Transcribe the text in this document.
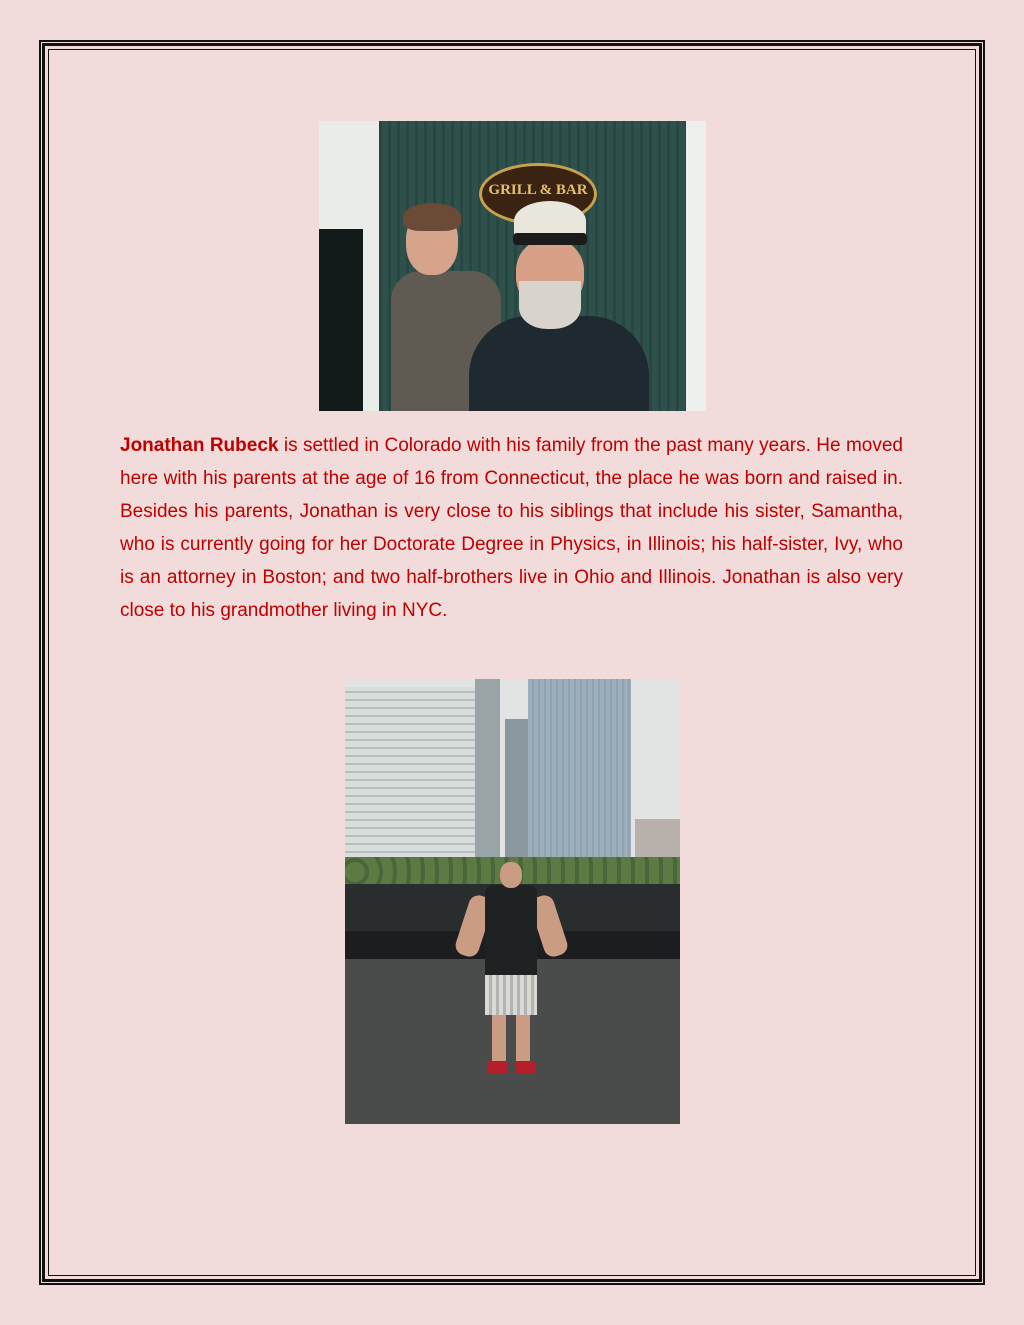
GRILL & BAR

Jonathan Rubeck is settled in Colorado with his family from the past many years. He moved here with his parents at the age of 16 from Connecticut, the place he was born and raised in. Besides his parents, Jonathan is very close to his siblings that include his sister, Samantha, who is currently going for her Doctorate Degree in Physics, in Illinois; his half-sister, Ivy, who is an attorney in Boston; and two half-brothers live in Ohio and Illinois. Jonathan is also very close to his grandmother living in NYC.
